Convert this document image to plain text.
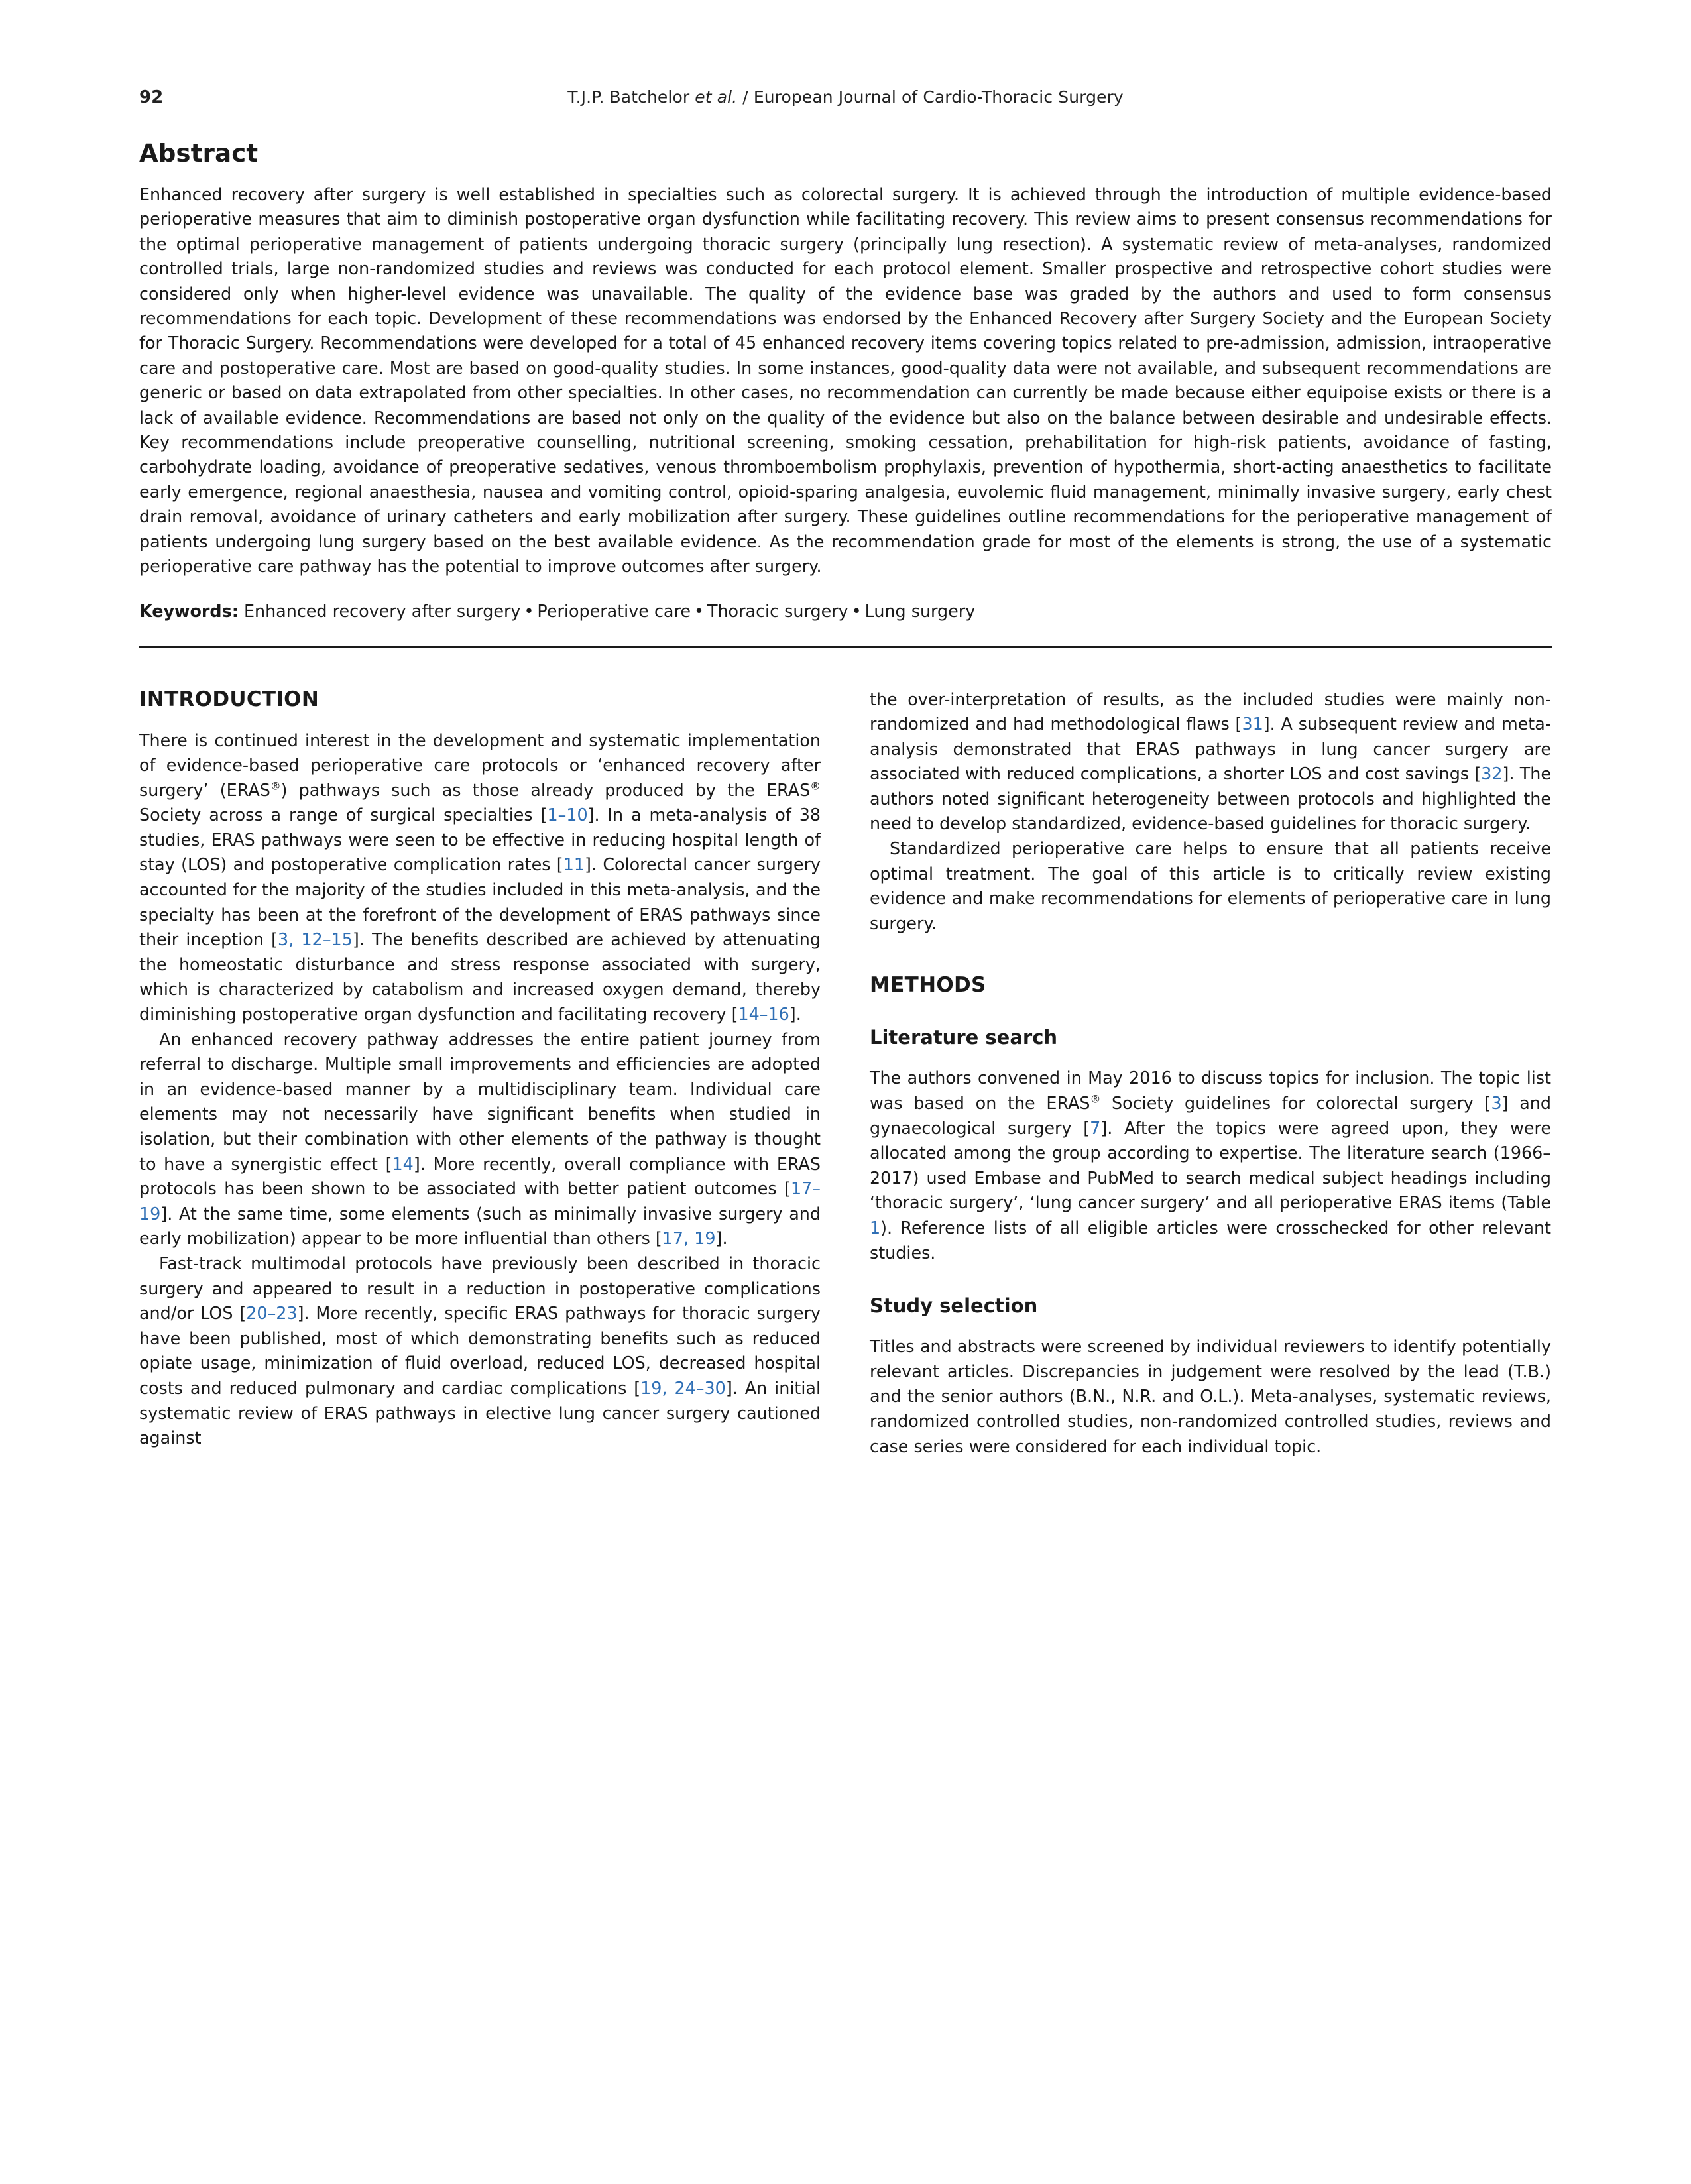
92	T.J.P. Batchelor et al. / European Journal of Cardio-Thoracic Surgery
Abstract

Enhanced recovery after surgery is well established in specialties such as colorectal surgery. It is achieved through the introduction of multiple evidence-based perioperative measures that aim to diminish postoperative organ dysfunction while facilitating recovery. This review aims to present consensus recommendations for the optimal perioperative management of patients undergoing thoracic surgery (principally lung resection). A systematic review of meta-analyses, randomized controlled trials, large non-randomized studies and reviews was conducted for each protocol element. Smaller prospective and retrospective cohort studies were considered only when higher-level evidence was unavailable. The quality of the evidence base was graded by the authors and used to form consensus recommendations for each topic. Development of these recommendations was endorsed by the Enhanced Recovery after Surgery Society and the European Society for Thoracic Surgery. Recommendations were developed for a total of 45 enhanced recovery items covering topics related to pre-admission, admission, intraoperative care and postoperative care. Most are based on good-quality studies. In some instances, good-quality data were not available, and subsequent recommendations are generic or based on data extrapolated from other specialties. In other cases, no recommendation can currently be made because either equipoise exists or there is a lack of available evidence. Recommendations are based not only on the quality of the evidence but also on the balance between desirable and undesirable effects. Key recommendations include preoperative counselling, nutritional screening, smoking cessation, prehabilitation for high-risk patients, avoidance of fasting, carbohydrate loading, avoidance of preoperative sedatives, venous thromboembolism prophylaxis, prevention of hypothermia, short-acting anaesthetics to facilitate early emergence, regional anaesthesia, nausea and vomiting control, opioid-sparing analgesia, euvolemic fluid management, minimally invasive surgery, early chest drain removal, avoidance of urinary catheters and early mobilization after surgery. These guidelines outline recommendations for the perioperative management of patients undergoing lung surgery based on the best available evidence. As the recommendation grade for most of the elements is strong, the use of a systematic perioperative care pathway has the potential to improve outcomes after surgery.

Keywords: Enhanced recovery after surgery • Perioperative care • Thoracic surgery • Lung surgery

INTRODUCTION

There is continued interest in the development and systematic implementation of evidence-based perioperative care protocols or ‘enhanced recovery after surgery’ (ERAS®) pathways such as those already produced by the ERAS® Society across a range of surgical specialties [1–10]. In a meta-analysis of 38 studies, ERAS pathways were seen to be effective in reducing hospital length of stay (LOS) and postoperative complication rates [11]. Colorectal cancer surgery accounted for the majority of the studies included in this meta-analysis, and the specialty has been at the forefront of the development of ERAS pathways since their inception [3, 12–15]. The benefits described are achieved by attenuating the homeostatic disturbance and stress response associated with surgery, which is characterized by catabolism and increased oxygen demand, thereby diminishing postoperative organ dysfunction and facilitating recovery [14–16].

An enhanced recovery pathway addresses the entire patient journey from referral to discharge. Multiple small improvements and efficiencies are adopted in an evidence-based manner by a multidisciplinary team. Individual care elements may not necessarily have significant benefits when studied in isolation, but their combination with other elements of the pathway is thought to have a synergistic effect [14]. More recently, overall compliance with ERAS protocols has been shown to be associated with better patient outcomes [17–19]. At the same time, some elements (such as minimally invasive surgery and early mobilization) appear to be more influential than others [17, 19].

Fast-track multimodal protocols have previously been described in thoracic surgery and appeared to result in a reduction in postoperative complications and/or LOS [20–23]. More recently, specific ERAS pathways for thoracic surgery have been published, most of which demonstrating benefits such as reduced opiate usage, minimization of fluid overload, reduced LOS, decreased hospital costs and reduced pulmonary and cardiac complications [19, 24–30]. An initial systematic review of ERAS pathways in elective lung cancer surgery cautioned against

the over-interpretation of results, as the included studies were mainly non-randomized and had methodological flaws [31]. A subsequent review and meta-analysis demonstrated that ERAS pathways in lung cancer surgery are associated with reduced complications, a shorter LOS and cost savings [32]. The authors noted significant heterogeneity between protocols and highlighted the need to develop standardized, evidence-based guidelines for thoracic surgery.

Standardized perioperative care helps to ensure that all patients receive optimal treatment. The goal of this article is to critically review existing evidence and make recommendations for elements of perioperative care in lung surgery.

METHODS
Literature search

The authors convened in May 2016 to discuss topics for inclusion. The topic list was based on the ERAS® Society guidelines for colorectal surgery [3] and gynaecological surgery [7]. After the topics were agreed upon, they were allocated among the group according to expertise. The literature search (1966–2017) used Embase and PubMed to search medical subject headings including ‘thoracic surgery’, ‘lung cancer surgery’ and all perioperative ERAS items (Table 1). Reference lists of all eligible articles were crosschecked for other relevant studies.

Study selection

Titles and abstracts were screened by individual reviewers to identify potentially relevant articles. Discrepancies in judgement were resolved by the lead (T.B.) and the senior authors (B.N., N.R. and O.L.). Meta-analyses, systematic reviews, randomized controlled studies, non-randomized controlled studies, reviews and case series were considered for each individual topic.
